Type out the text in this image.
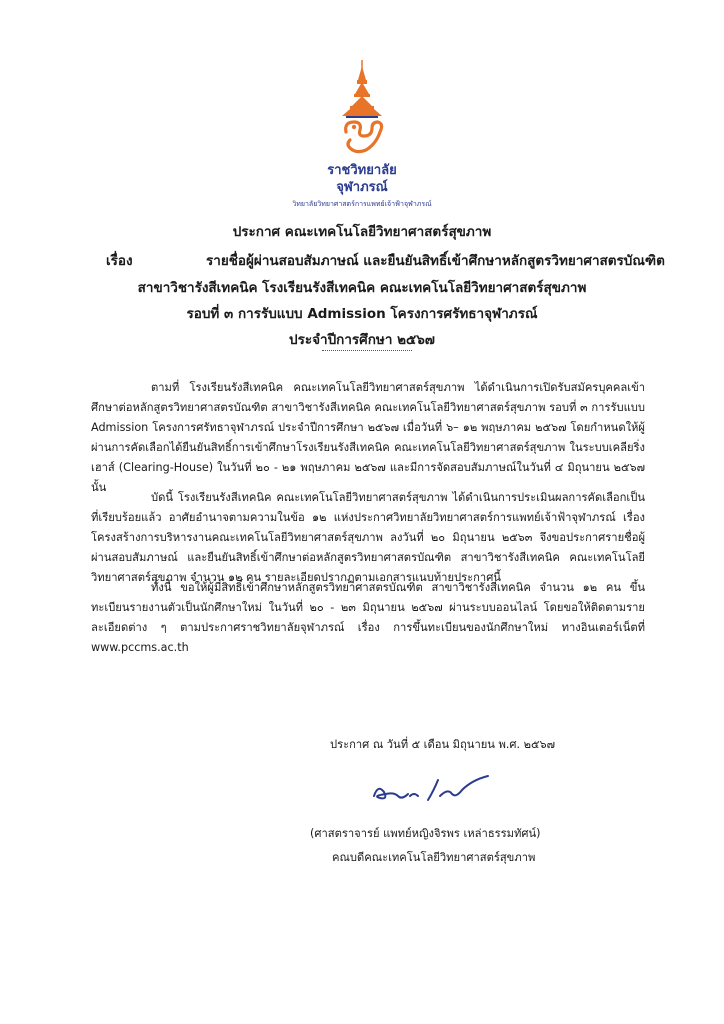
ราชวิทยาลัย
จุฬาภรณ์
วิทยาลัยวิทยาศาสตร์การแพทย์เจ้าฟ้าจุฬาภรณ์
ประกาศ คณะเทคโนโลยีวิทยาศาสตร์สุขภาพ
เรื่อง	รายชื่อผู้ผ่านสอบสัมภาษณ์ และยืนยันสิทธิ์เข้าศึกษาหลักสูตรวิทยาศาสตรบัณฑิต
สาขาวิชารังสีเทคนิค โรงเรียนรังสีเทคนิค คณะเทคโนโลยีวิทยาศาสตร์สุขภาพ
รอบที่ ๓ การรับแบบ Admission โครงการศรัทธาจุฬาภรณ์
ประจำปีการศึกษา ๒๕๖๗
ตามที่ โรงเรียนรังสีเทคนิค คณะเทคโนโลยีวิทยาศาสตร์สุขภาพ ได้ดำเนินการเปิดรับสมัครบุคคลเข้าศึกษาต่อหลักสูตรวิทยาศาสตรบัณฑิต สาขาวิชารังสีเทคนิค คณะเทคโนโลยีวิทยาศาสตร์สุขภาพ รอบที่ ๓ การรับแบบ Admission โครงการศรัทธาจุฬาภรณ์ ประจำปีการศึกษา ๒๕๖๗ เมื่อวันที่ ๖– ๑๒ พฤษภาคม ๒๕๖๗ โดยกำหนดให้ผู้ผ่านการคัดเลือกได้ยืนยันสิทธิ์การเข้าศึกษาโรงเรียนรังสีเทคนิค คณะเทคโนโลยีวิทยาศาสตร์สุขภาพ ในระบบเคลียริ่งเฮาส์ (Clearing-House) ในวันที่ ๒๐ - ๒๑ พฤษภาคม ๒๕๖๗ และมีการจัดสอบสัมภาษณ์ในวันที่ ๔ มิถุนายน ๒๕๖๗ นั้น
บัดนี้ โรงเรียนรังสีเทคนิค คณะเทคโนโลยีวิทยาศาสตร์สุขภาพ ได้ดำเนินการประเมินผลการคัดเลือกเป็นที่เรียบร้อยแล้ว อาศัยอำนาจตามความในข้อ ๑๒ แห่งประกาศวิทยาลัยวิทยาศาสตร์การแพทย์เจ้าฟ้าจุฬาภรณ์ เรื่อง โครงสร้างการบริหารงานคณะเทคโนโลยีวิทยาศาสตร์สุขภาพ ลงวันที่ ๒๐ มิถุนายน ๒๕๖๓ จึงขอประกาศรายชื่อผู้ผ่านสอบสัมภาษณ์ และยืนยันสิทธิ์เข้าศึกษาต่อหลักสูตรวิทยาศาสตรบัณฑิต สาขาวิชารังสีเทคนิค คณะเทคโนโลยีวิทยาศาสตร์สุขภาพ จำนวน ๑๒ คน รายละเอียดปรากฏตามเอกสารแนบท้ายประกาศนี้
ทั้งนี้ ขอให้ผู้มีสิทธิ์เข้าศึกษาหลักสูตรวิทยาศาสตรบัณฑิต สาขาวิชารังสีเทคนิค จำนวน ๑๒ คน ขึ้นทะเบียนรายงานตัวเป็นนักศึกษาใหม่ ในวันที่ ๒๐ - ๒๓ มิถุนายน ๒๕๖๗ ผ่านระบบออนไลน์ โดยขอให้ติดตามรายละเอียดต่าง ๆ ตามประกาศราชวิทยาลัยจุฬาภรณ์ เรื่อง การขึ้นทะเบียนของนักศึกษาใหม่ ทางอินเตอร์เน็ตที่ www.pccms.ac.th
ประกาศ ณ วันที่ ๕ เดือน มิถุนายน พ.ศ. ๒๕๖๗
(ศาสตราจารย์ แพทย์หญิงจิรพร เหล่าธรรมทัศน์)
คณบดีคณะเทคโนโลยีวิทยาศาสตร์สุขภาพ
